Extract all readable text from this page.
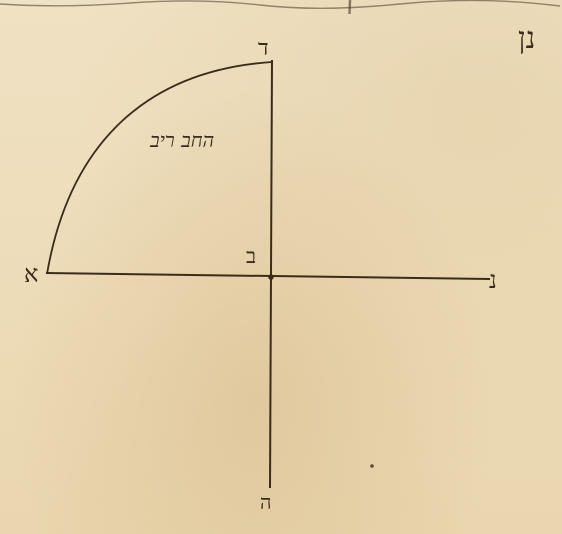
ד
ב
א	נ
ה
החב ריב
נן
